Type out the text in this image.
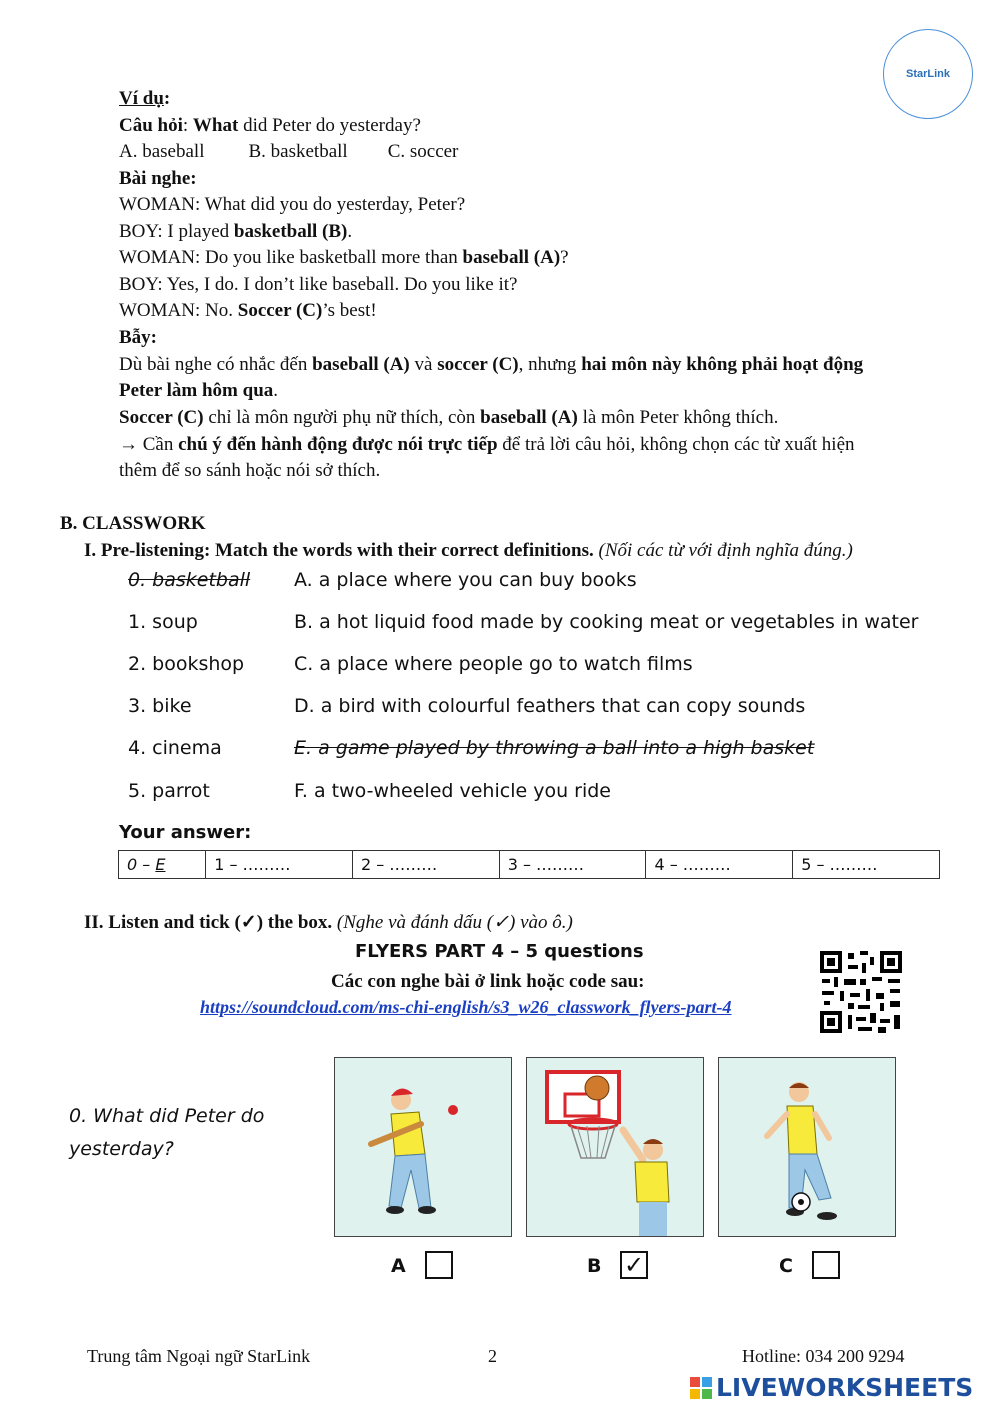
StarLink
Ví dụ:
Câu hỏi: What did Peter do yesterday?
A. baseball B. basketball C. soccer
Bài nghe:
WOMAN: What did you do yesterday, Peter?
BOY: I played basketball (B).
WOMAN: Do you like basketball more than baseball (A)?
BOY: Yes, I do. I don’t like baseball. Do you like it?
WOMAN: No. Soccer (C)’s best!
Bẫy:
Dù bài nghe có nhắc đến baseball (A) và soccer (C), nhưng hai môn này không phải hoạt động
Peter làm hôm qua.
Soccer (C) chỉ là môn người phụ nữ thích, còn baseball (A) là môn Peter không thích.
→ Cần chú ý đến hành động được nói trực tiếp để trả lời câu hỏi, không chọn các từ xuất hiện
thêm để so sánh hoặc nói sở thích.
B. CLASSWORK
I. Pre-listening: Match the words with their correct definitions. (Nối các từ với định nghĩa đúng.)
0. basketball A. a place where you can buy books
1. soup	B. a hot liquid food made by cooking meat or vegetables in water
2. bookshop	C. a place where people go to watch films
3. bike	D. a bird with colourful feathers that can copy sounds
4. cinema	E. a game played by throwing a ball into a high basket
5. parrot	F. a two-wheeled vehicle you ride
Your answer:
0 – E	1 – ………	2 – ………	3 – ………	4 – ………	5 – ………
II. Listen and tick (✓) the box. (Nghe và đánh dấu (✓) vào ô.)
FLYERS PART 4 – 5 questions
Các con nghe bài ở link hoặc code sau:
https://soundcloud.com/ms-chi-english/s3_w26_classwork_flyers-part-4
0. What did Peter do
yesterday?
A	B ✓	C
Trung tâm Ngoại ngữ StarLink	2	Hotline: 034 200 9294
LIVEWORKSHEETS
